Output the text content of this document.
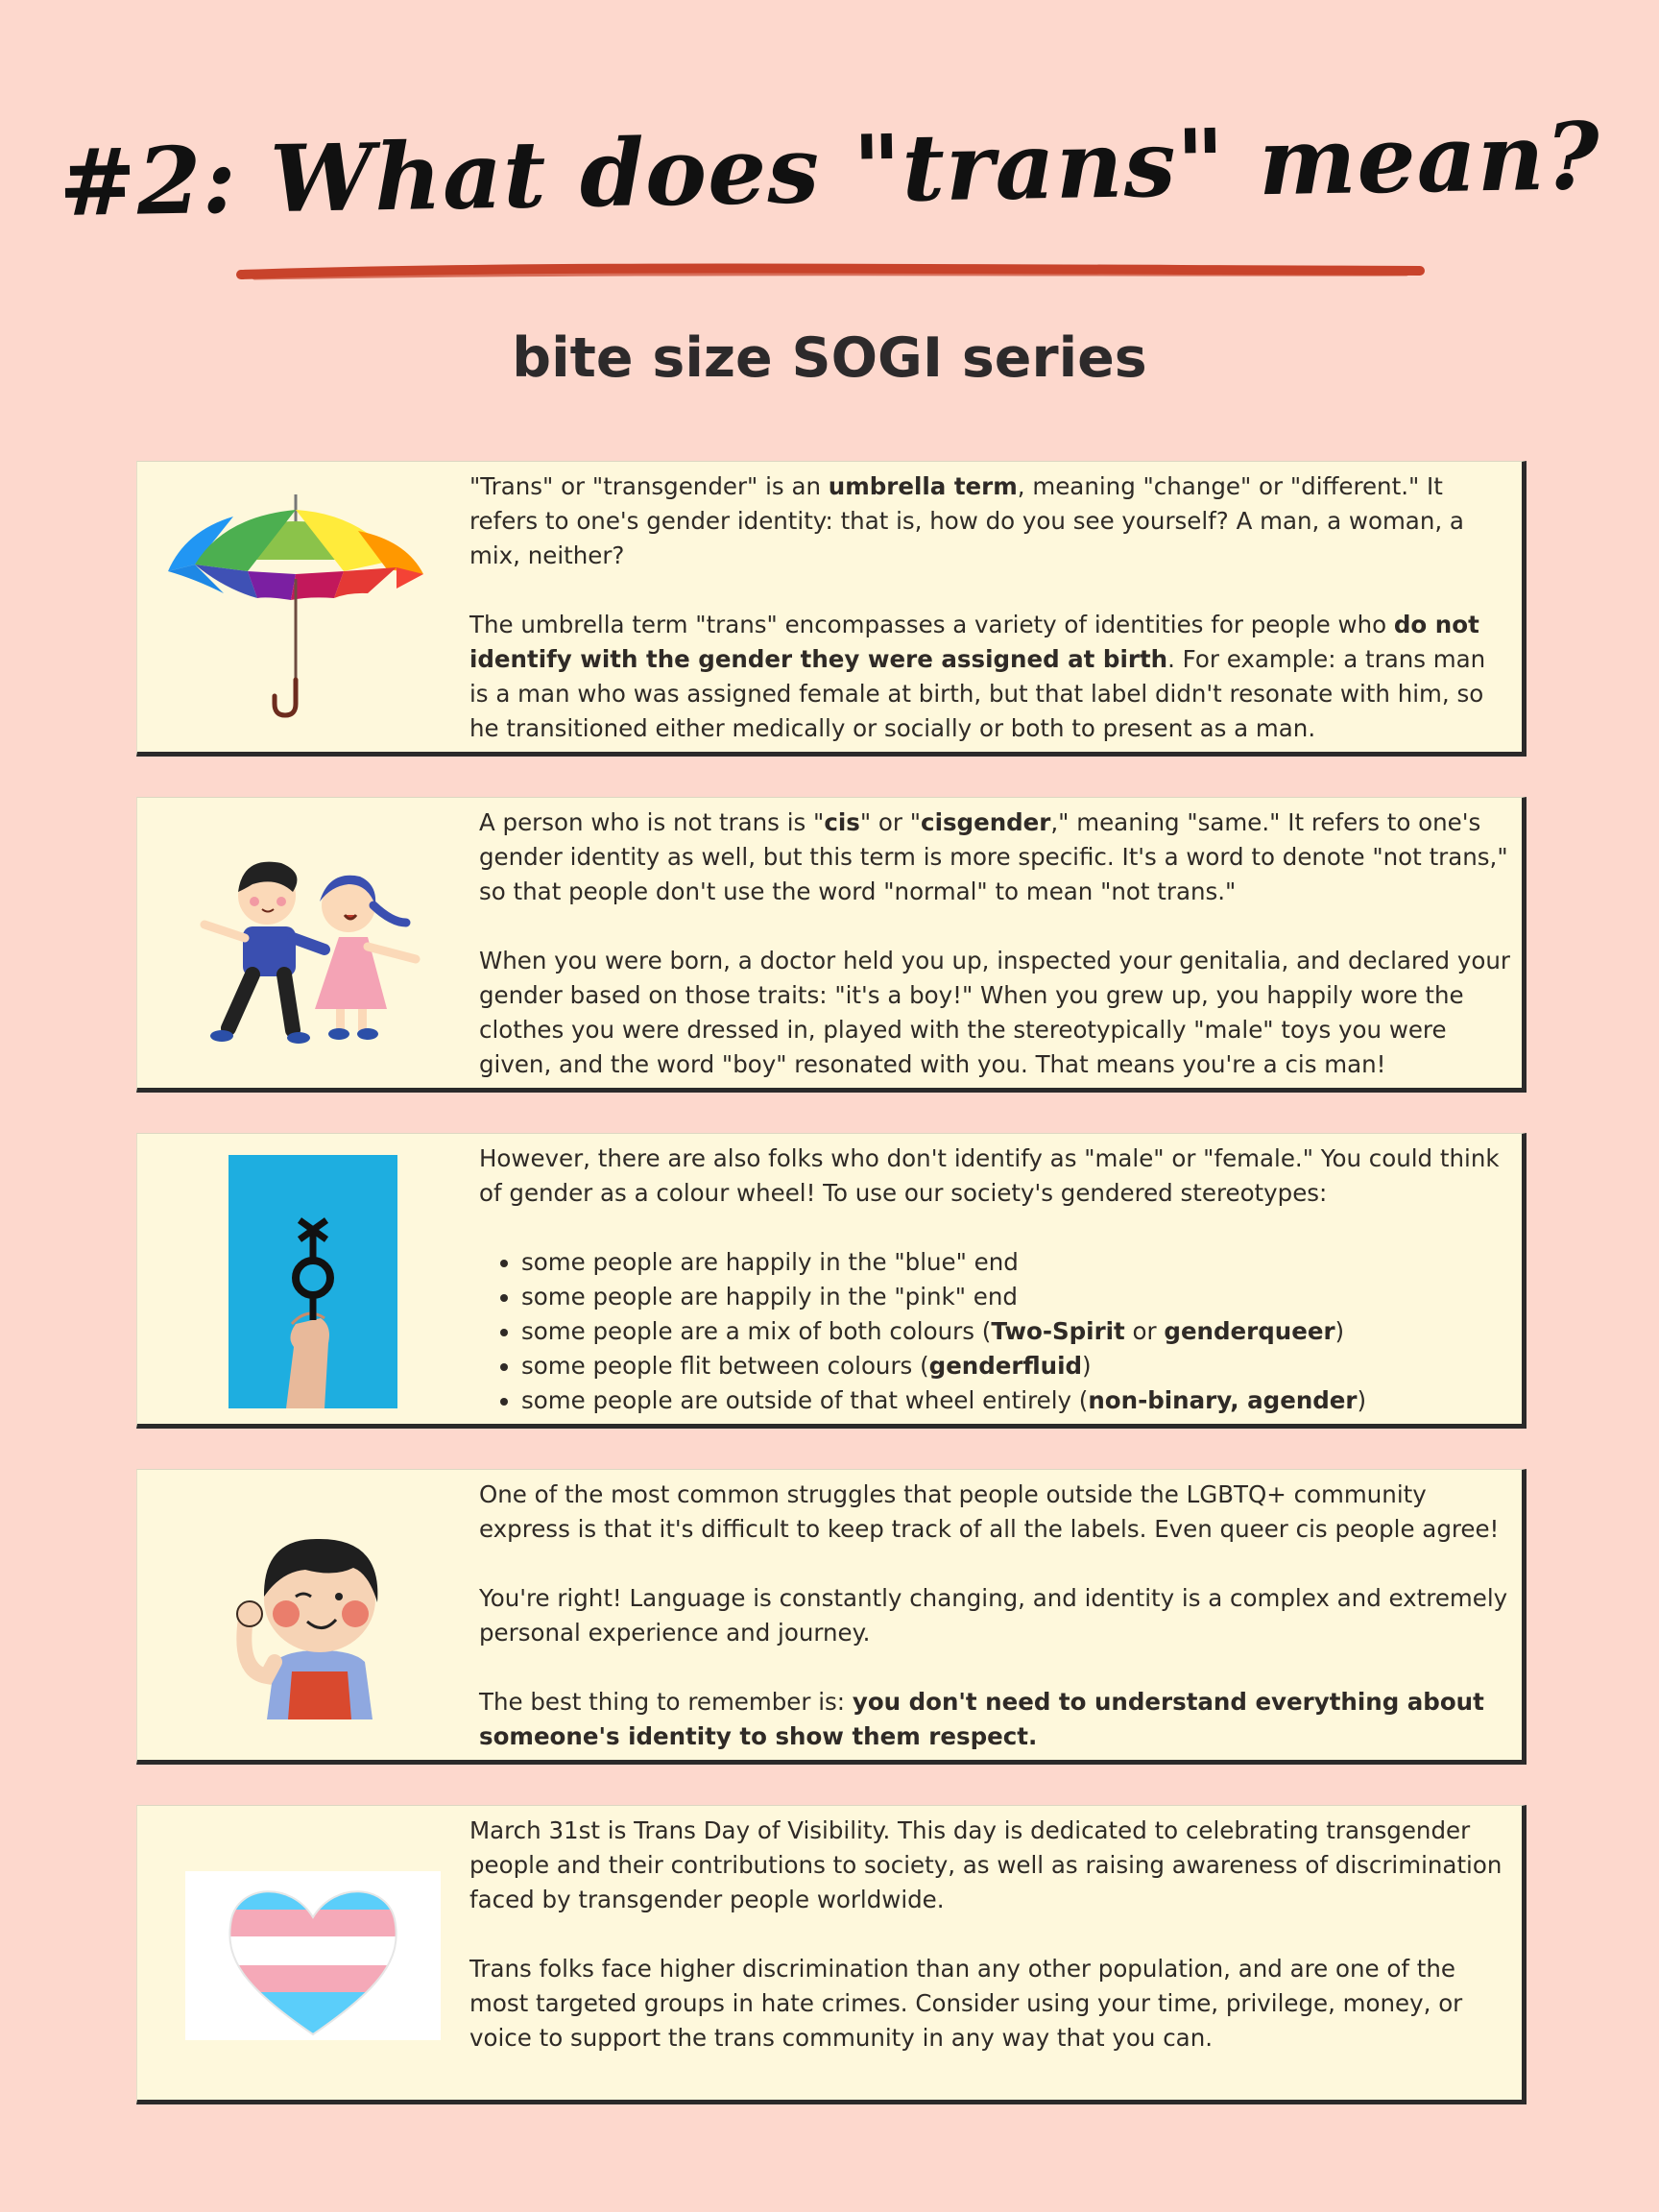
#2: What does "trans" mean?
bite size SOGI series

"Trans" or "transgender" is an umbrella term, meaning "change" or "different." It refers to one's gender identity: that is, how do you see yourself? A man, a woman, a mix, neither?

The umbrella term "trans" encompasses a variety of identities for people who do not identify with the gender they were assigned at birth. For example: a trans man is a man who was assigned female at birth, but that label didn't resonate with him, so he transitioned either medically or socially or both to present as a man.

A person who is not trans is "cis" or "cisgender," meaning "same." It refers to one's gender identity as well, but this term is more specific. It's a word to denote "not trans," so that people don't use the word "normal" to mean "not trans."

When you were born, a doctor held you up, inspected your genitalia, and declared your gender based on those traits: "it's a boy!" When you grew up, you happily wore the clothes you were dressed in, played with the stereotypically "male" toys you were given, and the word "boy" resonated with you. That means you're a cis man!

However, there are also folks who don't identify as "male" or "female." You could think of gender as a colour wheel! To use our society's gendered stereotypes:

• some people are happily in the "blue" end
• some people are happily in the "pink" end
• some people are a mix of both colours (Two-Spirit or genderqueer)
• some people flit between colours (genderfluid)
• some people are outside of that wheel entirely (non-binary, agender)

One of the most common struggles that people outside the LGBTQ+ community express is that it's difficult to keep track of all the labels. Even queer cis people agree!

You're right! Language is constantly changing, and identity is a complex and extremely personal experience and journey.

The best thing to remember is: you don't need to understand everything about someone's identity to show them respect.

March 31st is Trans Day of Visibility. This day is dedicated to celebrating transgender people and their contributions to society, as well as raising awareness of discrimination faced by transgender people worldwide.

Trans folks face higher discrimination than any other population, and are one of the most targeted groups in hate crimes. Consider using your time, privilege, money, or voice to support the trans community in any way that you can.
